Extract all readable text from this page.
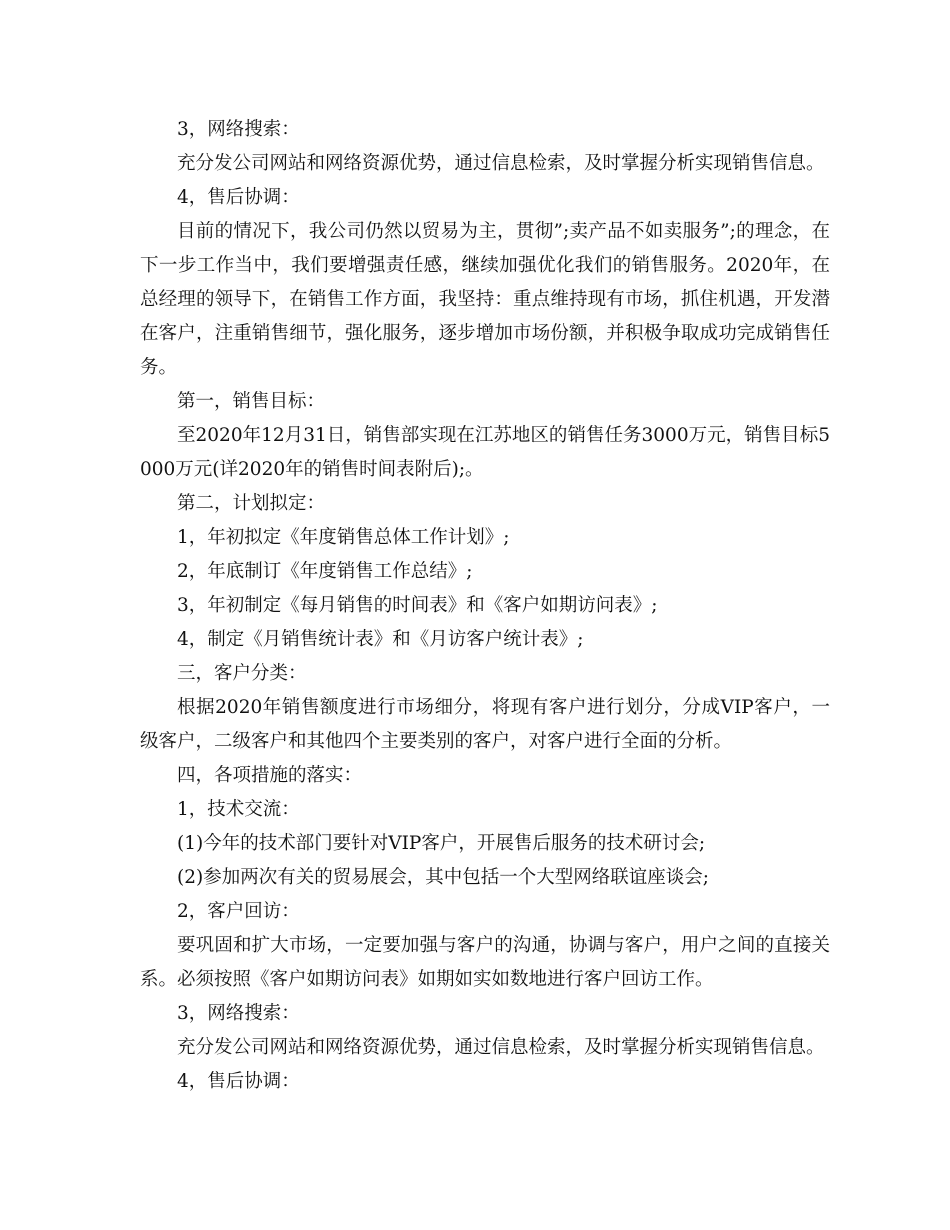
3，网络搜索：

充分发公司网站和网络资源优势，通过信息检索，及时掌握分析实现销售信息。

4，售后协调：

目前的情况下，我公司仍然以贸易为主，贯彻”;卖产品不如卖服务”;的理念，在下一步工作当中，我们要增强责任感，继续加强优化我们的销售服务。2020年，在总经理的领导下，在销售工作方面，我坚持：重点维持现有市场，抓住机遇，开发潜在客户，注重销售细节，强化服务，逐步增加市场份额，并积极争取成功完成销售任务。

第一，销售目标：

至2020年12月31日，销售部实现在江苏地区的销售任务3000万元，销售目标5000万元(详2020年的销售时间表附后);。

第二，计划拟定：

1，年初拟定《年度销售总体工作计划》;

2，年底制订《年度销售工作总结》;

3，年初制定《每月销售的时间表》和《客户如期访问表》;

4，制定《月销售统计表》和《月访客户统计表》;

三，客户分类：

根据2020年销售额度进行市场细分，将现有客户进行划分，分成VIP客户，一级客户，二级客户和其他四个主要类别的客户，对客户进行全面的分析。

四，各项措施的落实：

1，技术交流：

(1)今年的技术部门要针对VIP客户，开展售后服务的技术研讨会;

(2)参加两次有关的贸易展会，其中包括一个大型网络联谊座谈会;

2，客户回访：

要巩固和扩大市场，一定要加强与客户的沟通，协调与客户，用户之间的直接关系。必须按照《客户如期访问表》如期如实如数地进行客户回访工作。

3，网络搜索：

充分发公司网站和网络资源优势，通过信息检索，及时掌握分析实现销售信息。

4，售后协调：
